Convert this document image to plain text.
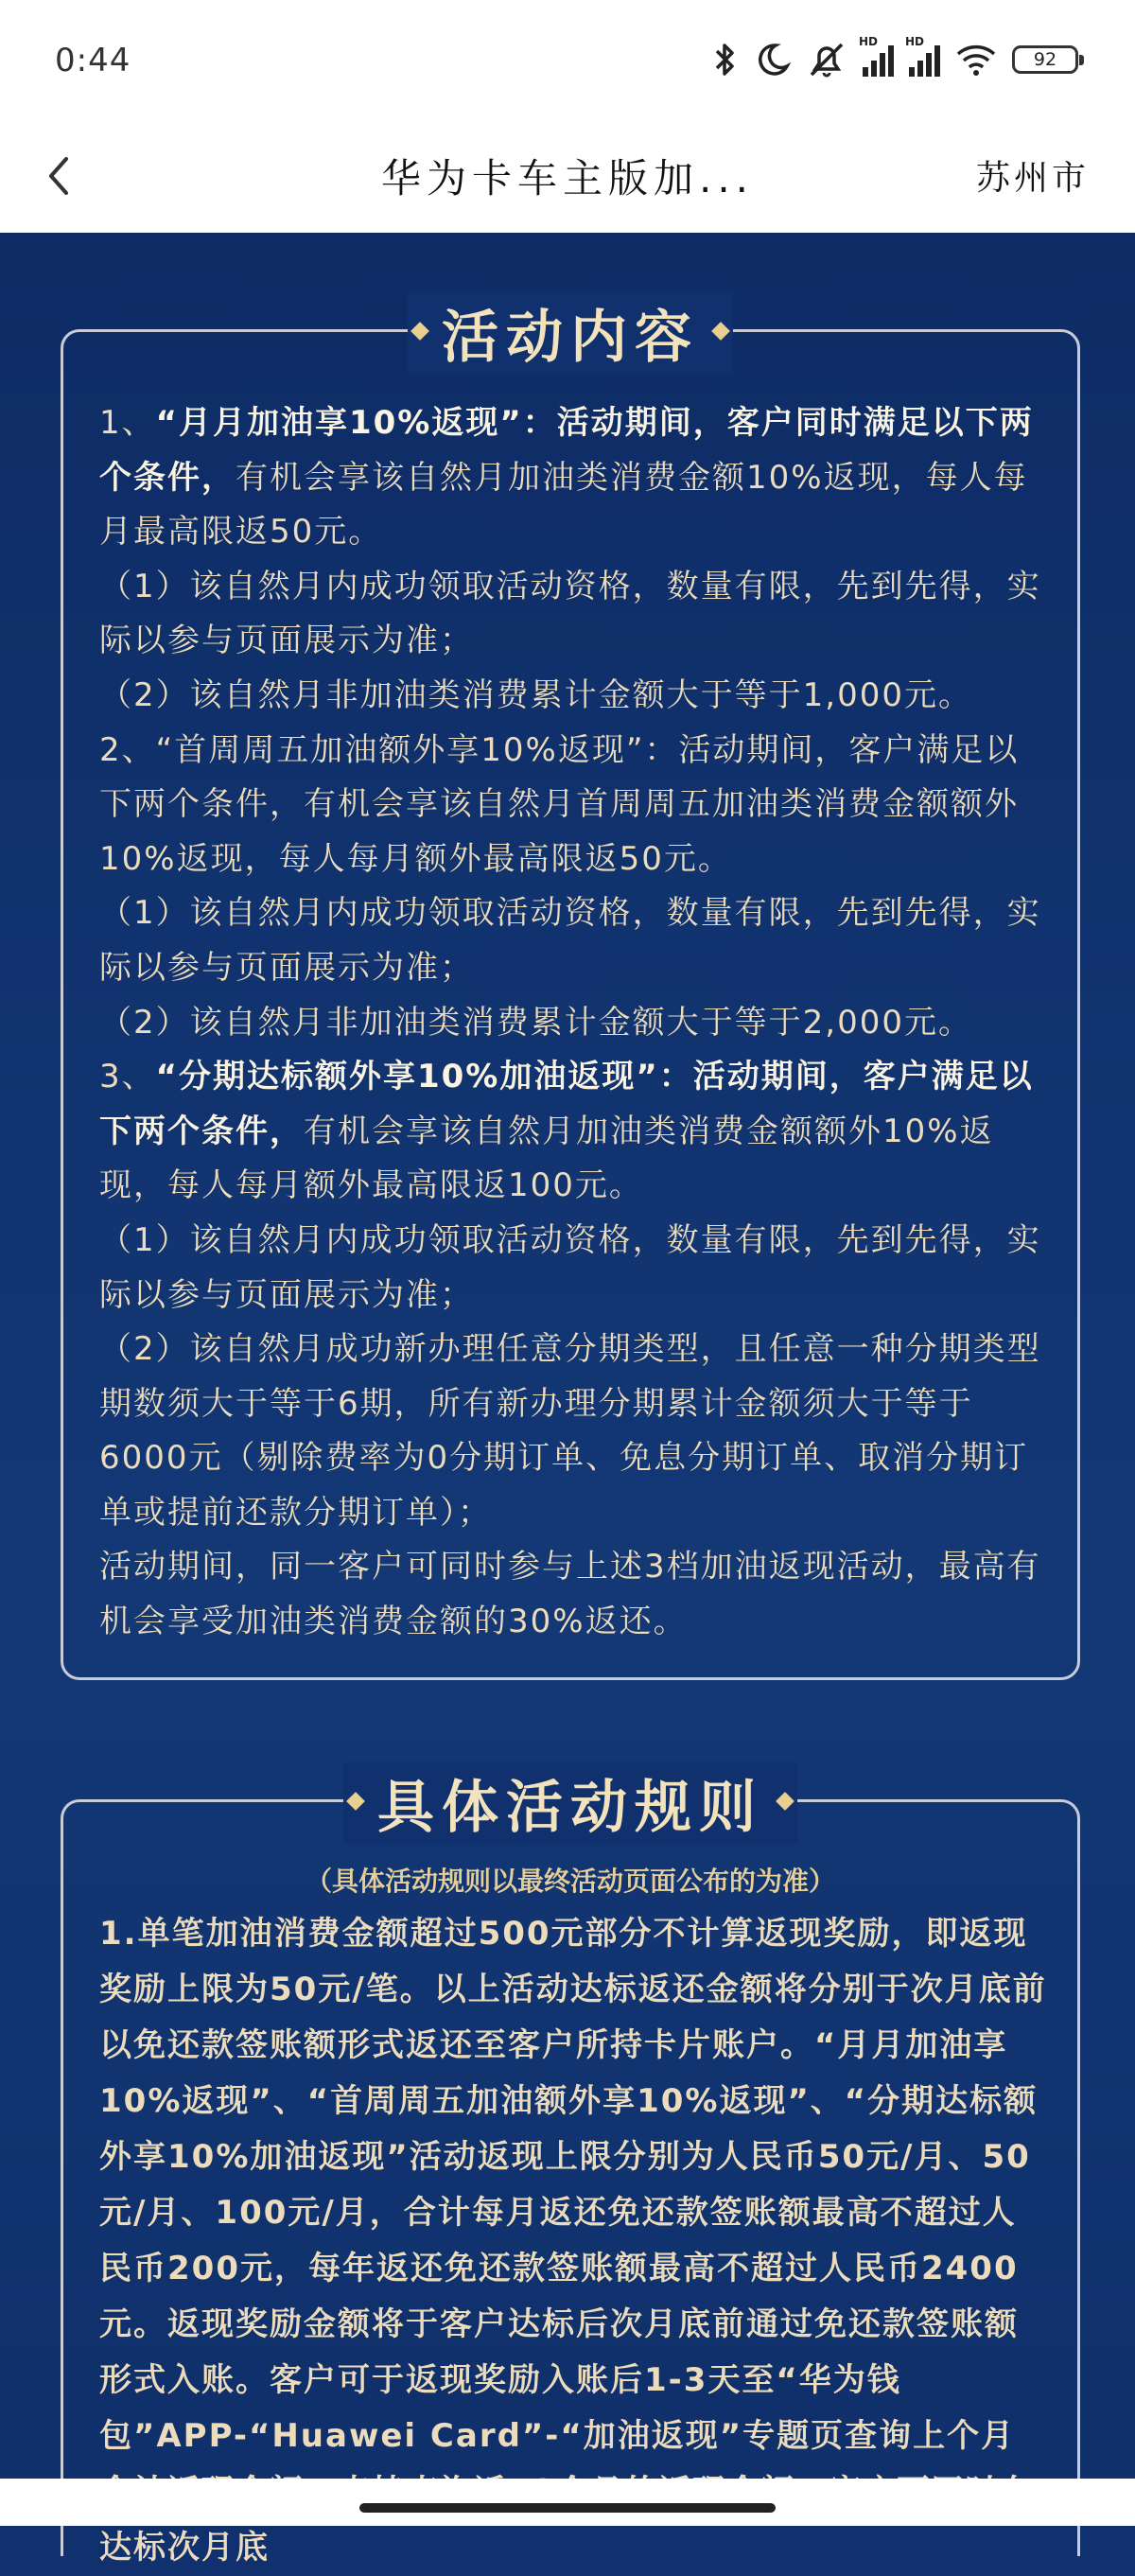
0:44	HD HD
92
华为卡车主版加...	苏州市
活动内容

1、“月月加油享10%返现”：活动期间，客户同时满足以下两个条件，有机会享该自然月加油类消费金额10%返现，每人每月最高限返50元。

（1）该自然月内成功领取活动资格，数量有限，先到先得，实际以参与页面展示为准；

（2）该自然月非加油类消费累计金额大于等于1,000元。

2、“首周周五加油额外享10%返现”：活动期间，客户满足以下两个条件，有机会享该自然月首周周五加油类消费金额额外10%返现，每人每月额外最高限返50元。

（1）该自然月内成功领取活动资格，数量有限，先到先得，实际以参与页面展示为准；

（2）该自然月非加油类消费累计金额大于等于2,000元。

3、“分期达标额外享10%加油返现”：活动期间，客户满足以下两个条件，有机会享该自然月加油类消费金额额外10%返现，每人每月额外最高限返100元。

（1）该自然月内成功领取活动资格，数量有限，先到先得，实际以参与页面展示为准；

（2）该自然月成功新办理任意分期类型，且任意一种分期类型期数须大于等于6期，所有新办理分期累计金额须大于等于6000元（剔除费率为0分期订单、免息分期订单、取消分期订单或提前还款分期订单）；

活动期间，同一客户可同时参与上述3档加油返现活动，最高有机会享受加油类消费金额的30%返还。

具体活动规则
（具体活动规则以最终活动页面公布的为准）

1.单笔加油消费金额超过500元部分不计算返现奖励，即返现奖励上限为50元/笔。以上活动达标返还金额将分别于次月底前以免还款签账额形式返还至客户所持卡片账户。“月月加油享10%返现”、“首周周五加油额外享10%返现”、“分期达标额外享10%加油返现”活动返现上限分别为人民币50元/月、50元/月、100元/月，合计每月返还免还款签账额最高不超过人民币200元，每年返还免还款签账额最高不超过人民币2400元。返现奖励金额将于客户达标后次月底前通过免还款签账额形式入账。客户可于返现奖励入账后1-3天至“华为钱包”APP-“Huawei Card”-“加油返现”专题页查询上个月 达标次月底
